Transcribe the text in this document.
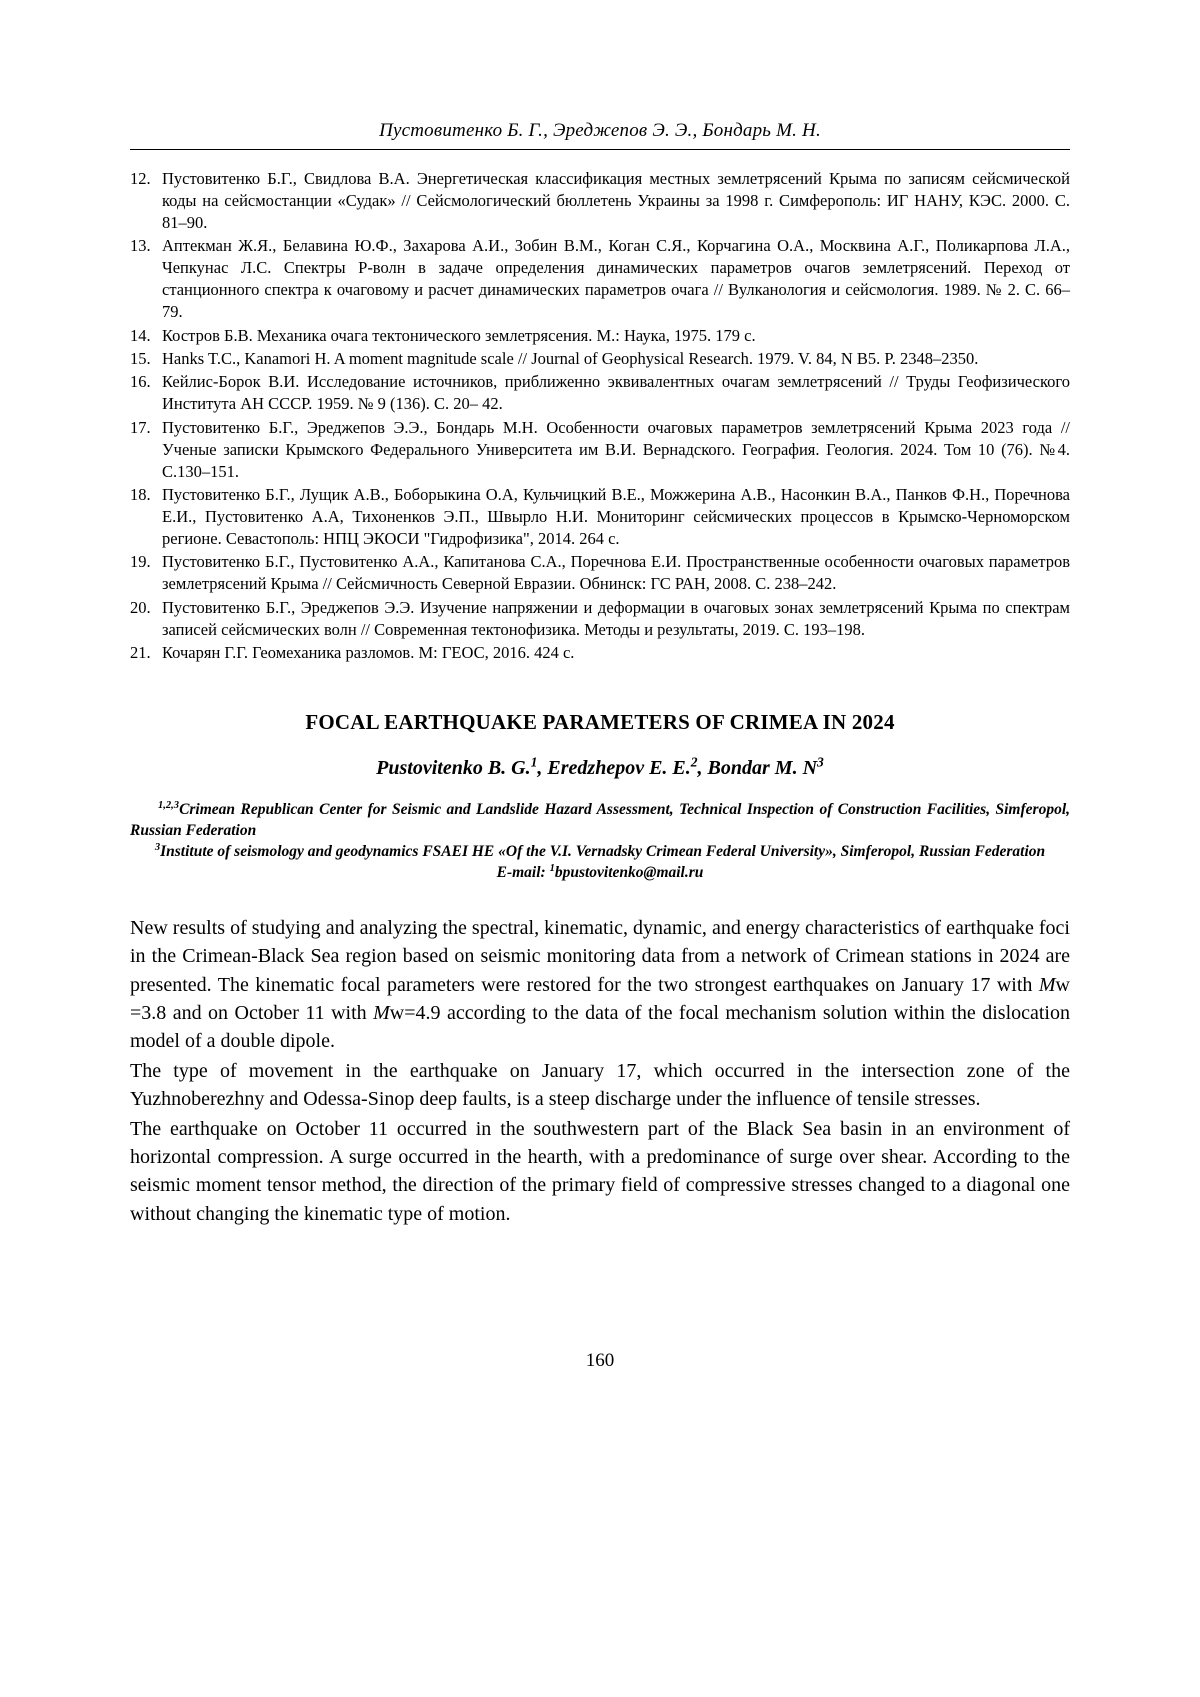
Пустовитенко Б. Г., Эреджепов Э. Э., Бондарь М. Н.
12. Пустовитенко Б.Г., Свидлова В.А. Энергетическая классификация местных землетрясений Крыма по записям сейсмической коды на сейсмостанции «Судак» // Сейсмологический бюллетень Украины за 1998 г. Симферополь: ИГ НАНУ, КЭС. 2000. С. 81–90.
13. Аптекман Ж.Я., Белавина Ю.Ф., Захарова А.И., Зобин В.М., Коган С.Я., Корчагина О.А., Москвина А.Г., Поликарпова Л.А., Чепкунас Л.С. Спектры Р-волн в задаче определения динамических параметров очагов землетрясений. Переход от станционного спектра к очаговому и расчет динамических параметров очага // Вулканология и сейсмология. 1989. № 2. С. 66–79.
14. Костров Б.В. Механика очага тектонического землетрясения. М.: Наука, 1975. 179 с.
15. Hanks T.C., Kanamori H. A moment magnitude scale // Journal of Geophysical Research. 1979. V. 84, N B5. P. 2348–2350.
16. Кейлис-Борок В.И. Исследование источников, приближенно эквивалентных очагам землетрясений // Труды Геофизического Института АН СССР. 1959. № 9 (136). С. 20– 42.
17. Пустовитенко Б.Г., Эреджепов Э.Э., Бондарь М.Н. Особенности очаговых параметров землетрясений Крыма 2023 года // Ученые записки Крымского Федерального Университета им В.И. Вернадского. География. Геология. 2024. Том 10 (76). №4. С.130–151.
18. Пустовитенко Б.Г., Лущик А.В., Боборыкина О.А, Кульчицкий В.Е., Можжерина А.В., Насонкин В.А., Панков Ф.Н., Поречнова Е.И., Пустовитенко А.А, Тихоненков Э.П., Швырло Н.И. Мониторинг сейсмических процессов в Крымско-Черноморском регионе. Севастополь: НПЦ ЭКОСИ "Гидрофизика", 2014. 264 с.
19. Пустовитенко Б.Г., Пустовитенко А.А., Капитанова С.А., Поречнова Е.И. Пространственные особенности очаговых параметров землетрясений Крыма // Сейсмичность Северной Евразии. Обнинск: ГС РАН, 2008. С. 238–242.
20. Пустовитенко Б.Г., Эреджепов Э.Э. Изучение напряжении и деформации в очаговых зонах землетрясений Крыма по спектрам записей сейсмических волн // Современная тектонофизика. Методы и результаты, 2019. С. 193–198.
21. Кочарян Г.Г. Геомеханика разломов. М: ГЕОС, 2016. 424 с.
FOCAL EARTHQUAKE PARAMETERS OF CRIMEA IN 2024
Pustovitenko B. G.$^1$, Eredzhepov E. E.$^2$, Bondar M. $N^3$
$^{1,2,3}$Crimean Republican Center for Seismic and Landslide Hazard Assessment, Technical Inspection of Construction Facilities, Simferopol, Russian Federation
$^3$Institute of seismology and geodynamics FSAEI HE «Of the V.I. Vernadsky Crimean Federal University», Simferopol, Russian Federation
E-mail: $^1$bpustovitenko@mail.ru

New results of studying and analyzing the spectral, kinematic, dynamic, and energy characteristics of earthquake foci in the Crimean-Black Sea region based on seismic monitoring data from a network of Crimean stations in 2024 are presented. The kinematic focal parameters were restored for the two strongest earthquakes on January 17 with Mw =3.8 and on October 11 with Mw=4.9 according to the data of the focal mechanism solution within the dislocation model of a double dipole.

The type of movement in the earthquake on January 17, which occurred in the intersection zone of the Yuzhnoberezhny and Odessa-Sinop deep faults, is a steep discharge under the influence of tensile stresses.

The earthquake on October 11 occurred in the southwestern part of the Black Sea basin in an environment of horizontal compression. A surge occurred in the hearth, with a predominance of surge over shear. According to the seismic moment tensor method, the direction of the primary field of compressive stresses changed to a diagonal one without changing the kinematic type of motion.

160
